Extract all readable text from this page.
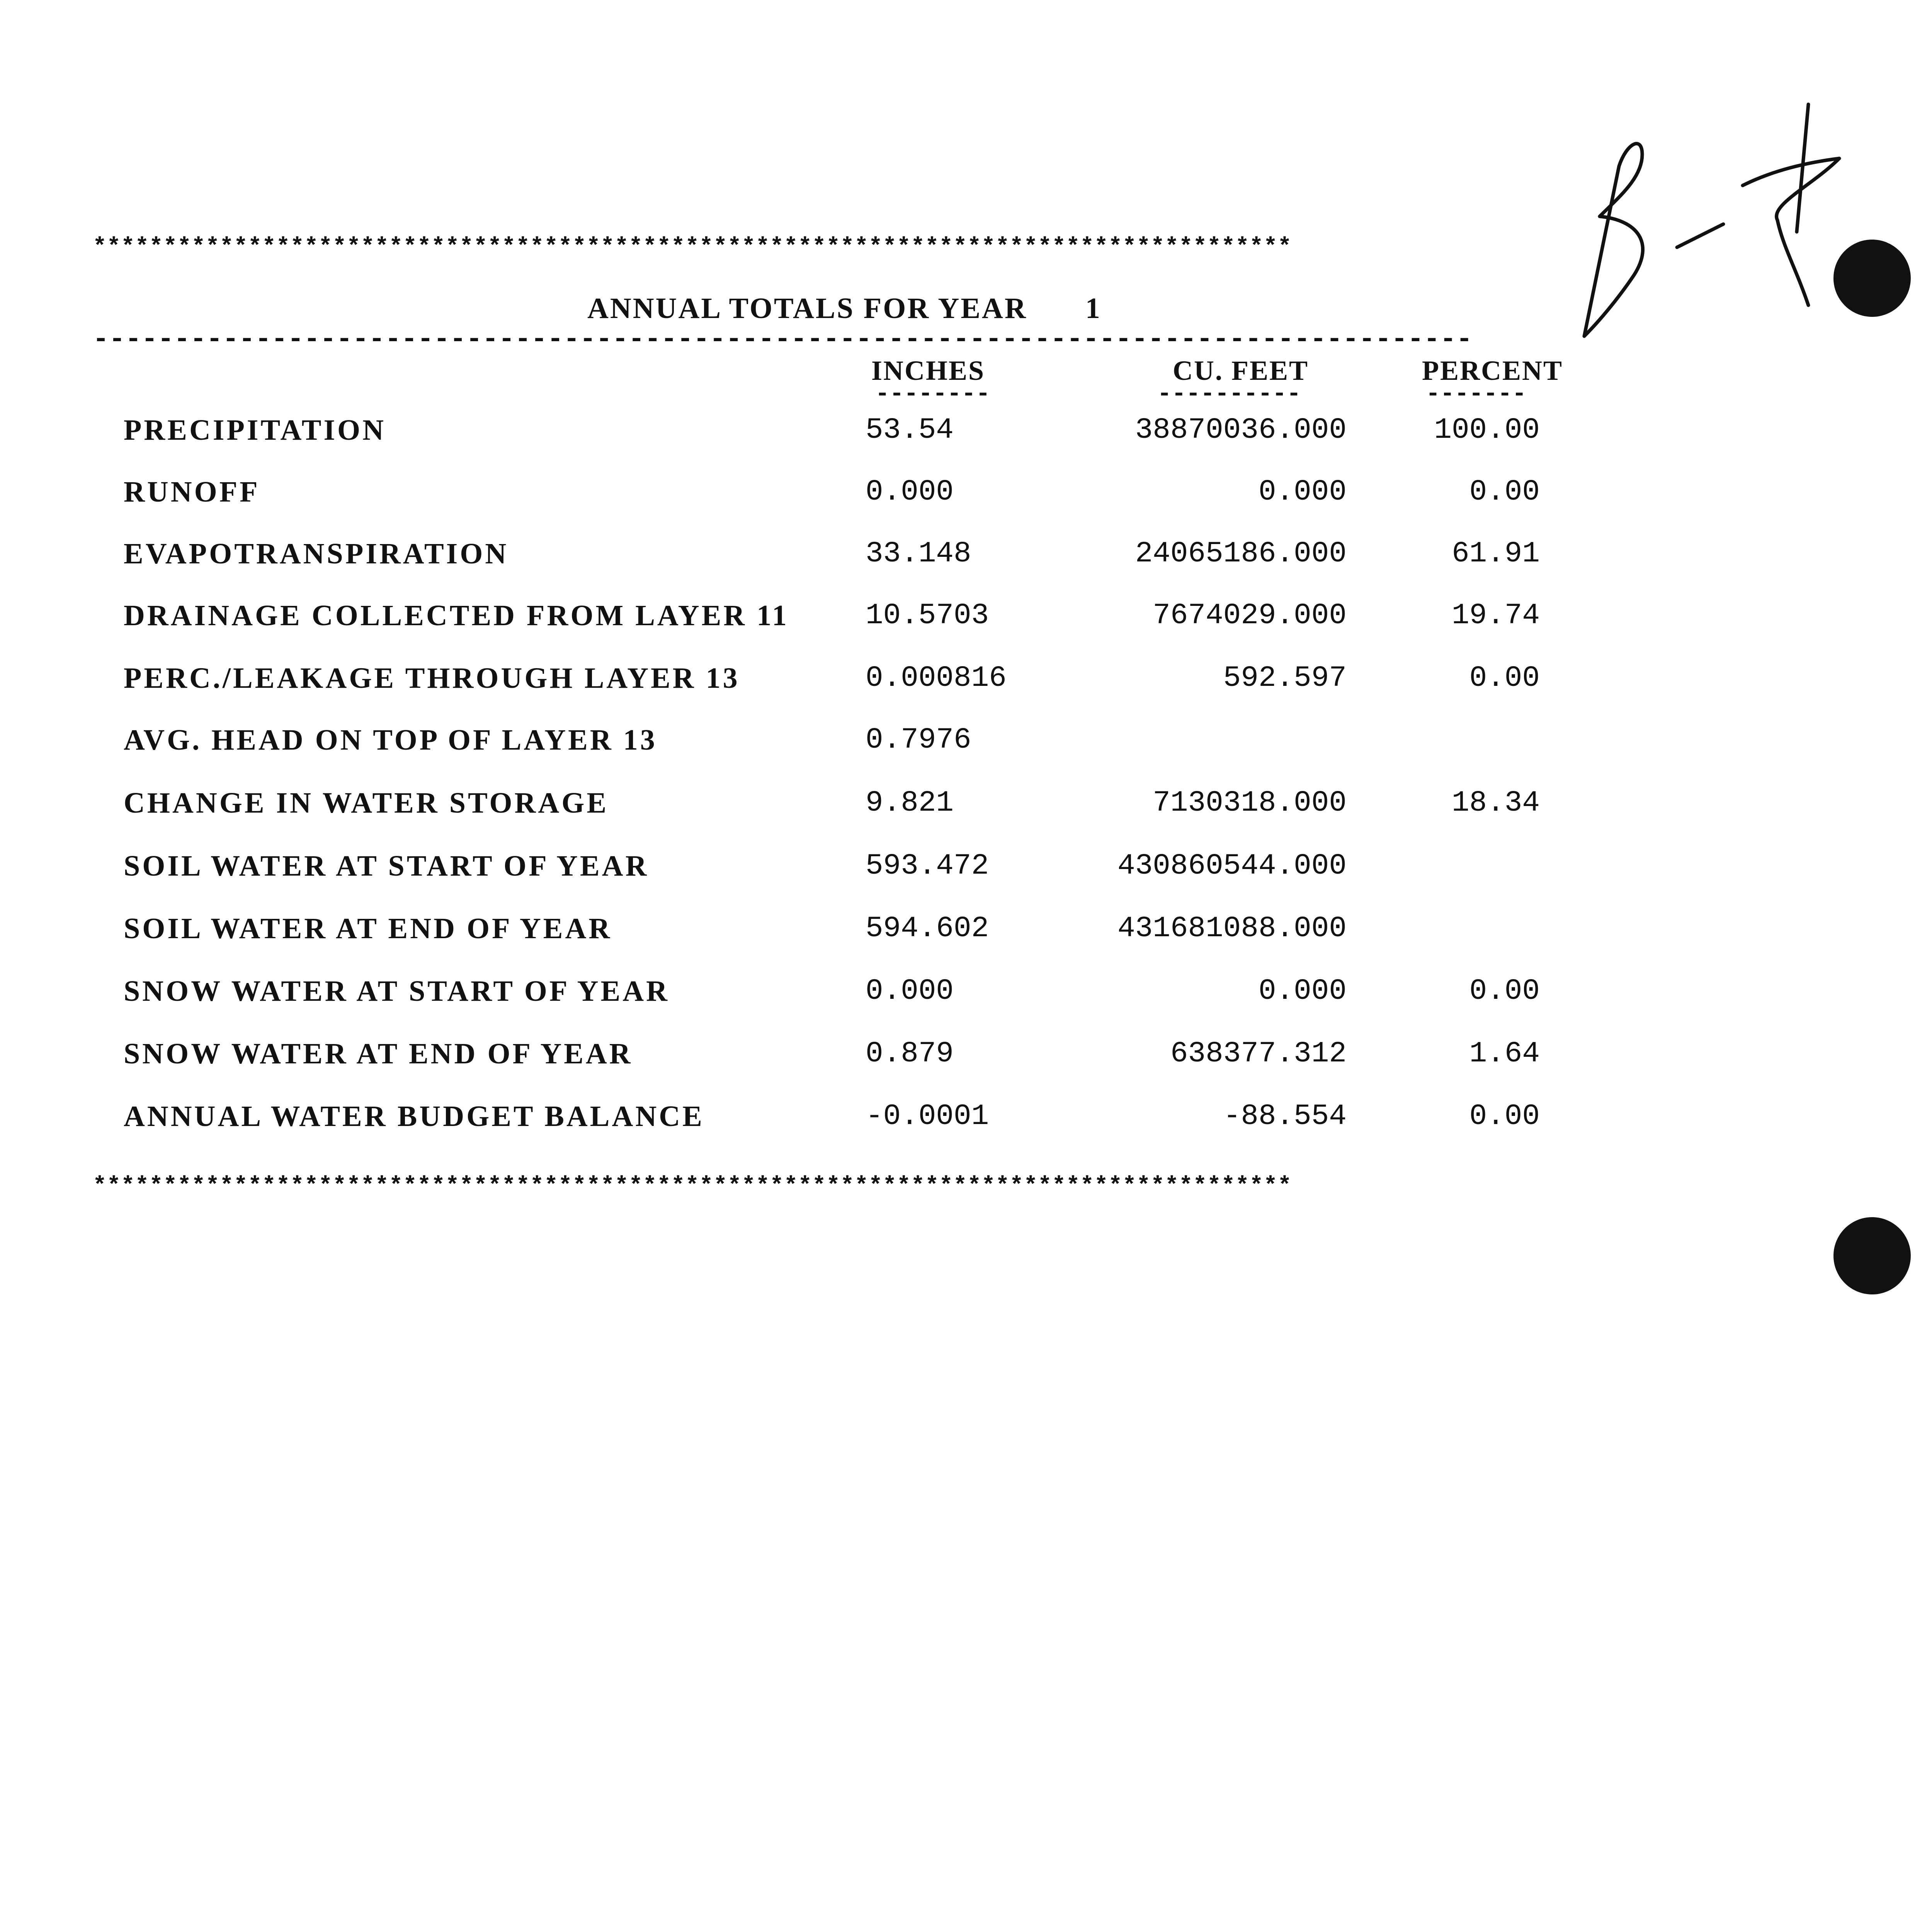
*************************************************************************************
ANNUAL TOTALS FOR YEAR 1
-------------------------------------------------------------------------------------
INCHES	CU. FEET	PERCENT
--------	----------	-------
PRECIPITATION	53.54	38870036.000	100.00
RUNOFF	0.000	0.000	0.00
EVAPOTRANSPIRATION	33.148	24065186.000	61.91
DRAINAGE COLLECTED FROM LAYER 11	10.5703	7674029.000	19.74
PERC./LEAKAGE THROUGH LAYER 13	0.000816	592.597	0.00
AVG. HEAD ON TOP OF LAYER 13	0.7976
CHANGE IN WATER STORAGE	9.821	7130318.000	18.34
SOIL WATER AT START OF YEAR	593.472	430860544.000
SOIL WATER AT END OF YEAR	594.602	431681088.000
SNOW WATER AT START OF YEAR	0.000	0.000	0.00
SNOW WATER AT END OF YEAR	0.879	638377.312	1.64
ANNUAL WATER BUDGET BALANCE	-0.0001	-88.554	0.00
*************************************************************************************
